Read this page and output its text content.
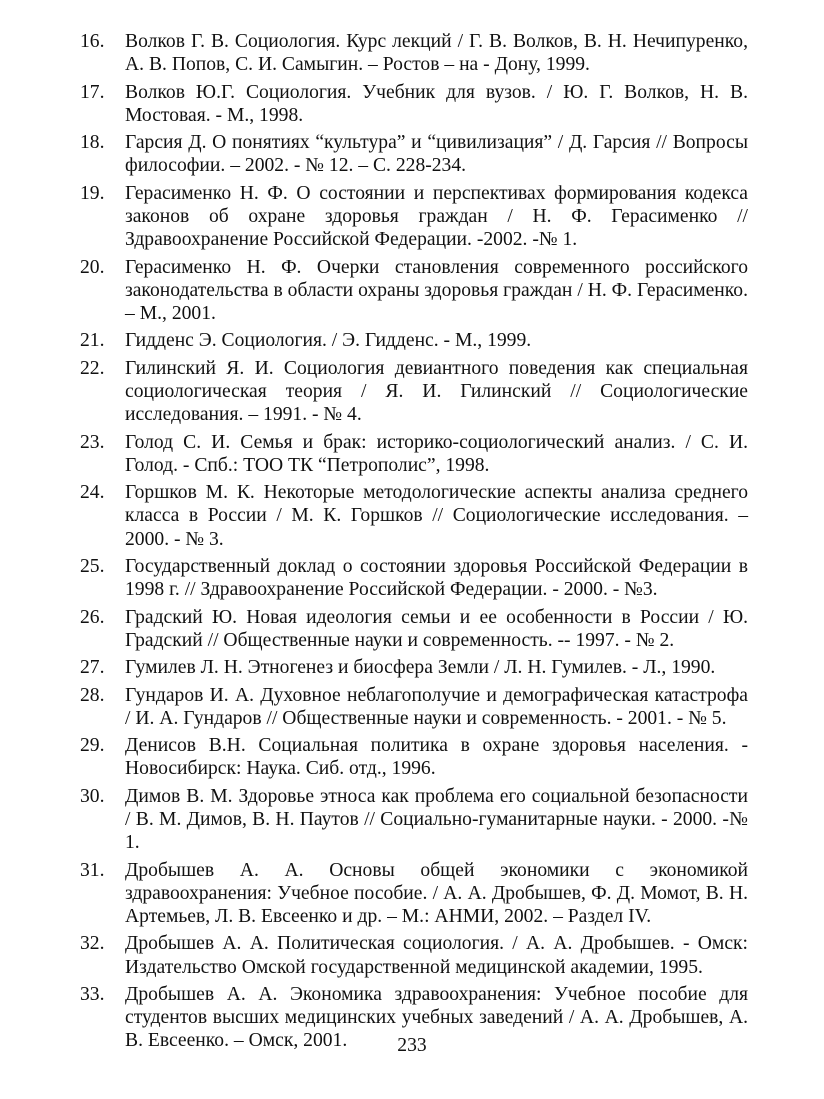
16.	Волков Г. В. Социология. Курс лекций / Г. В. Волков, В. Н. Нечипуренко, А. В. Попов, С. И. Самыгин. – Ростов – на - Дону, 1999.
17.	Волков Ю.Г. Социология. Учебник для вузов. / Ю. Г. Волков, Н. В. Мостовая. - М., 1998.
18.	Гарсия Д. О понятиях “культура” и “цивилизация” / Д. Гарсия // Вопросы философии. – 2002. - № 12. – С. 228-234.
19.	Герасименко Н. Ф. О состоянии и перспективах формирования кодекса законов об охране здоровья граждан / Н. Ф. Герасименко // Здравоохранение Российской Федерации. -2002. -№ 1.
20.	Герасименко Н. Ф. Очерки становления современного российского законодательства в области охраны здоровья граждан / Н. Ф. Герасименко. – М., 2001.
21.	Гидденс Э. Социология. / Э. Гидденс. - М., 1999.
22.	Гилинский Я. И. Социология девиантного поведения как специальная социологическая теория / Я. И. Гилинский // Социологические исследования. – 1991. - № 4.
23.	Голод С. И. Семья и брак: историко-социологический анализ. / С. И. Голод. - Спб.: ТОО ТК “Петрополис”, 1998.
24.	Горшков М. К. Некоторые методологические аспекты анализа среднего класса в России / М. К. Горшков // Социологические исследования. – 2000. - № 3.
25.	Государственный доклад о состоянии здоровья Российской Федерации в 1998 г. // Здравоохранение Российской Федерации. - 2000. - №3.
26.	Градский Ю. Новая идеология семьи и ее особенности в России / Ю. Градский // Общественные науки и современность. -- 1997. - № 2.
27.	Гумилев Л. Н. Этногенез и биосфера Земли / Л. Н. Гумилев. - Л., 1990.
28.	Гундаров И. А. Духовное неблагополучие и демографическая катастрофа / И. А. Гундаров // Общественные науки и современность. - 2001. - № 5.
29.	Денисов В.Н. Социальная политика в охране здоровья населения. - Новосибирск: Наука. Сиб. отд., 1996.
30.	Димов В. М. Здоровье этноса как проблема его социальной безопасности / В. М. Димов, В. Н. Паутов // Социально-гуманитарные науки. - 2000. -№ 1.
31.	Дробышев А. А. Основы общей экономики с экономикой здравоохранения: Учебное пособие. / А. А. Дробышев, Ф. Д. Момот, В. Н. Артемьев, Л. В. Евсеенко и др. – М.: АНМИ, 2002. – Раздел IV.
32.	Дробышев А. А. Политическая социология. / А. А. Дробышев. - Омск: Издательство Омской государственной медицинской академии, 1995.
33.	Дробышев А. А. Экономика здравоохранения: Учебное пособие для студентов высших медицинских учебных заведений / А. А. Дробышев, А. В. Евсеенко. – Омск, 2001.	233
